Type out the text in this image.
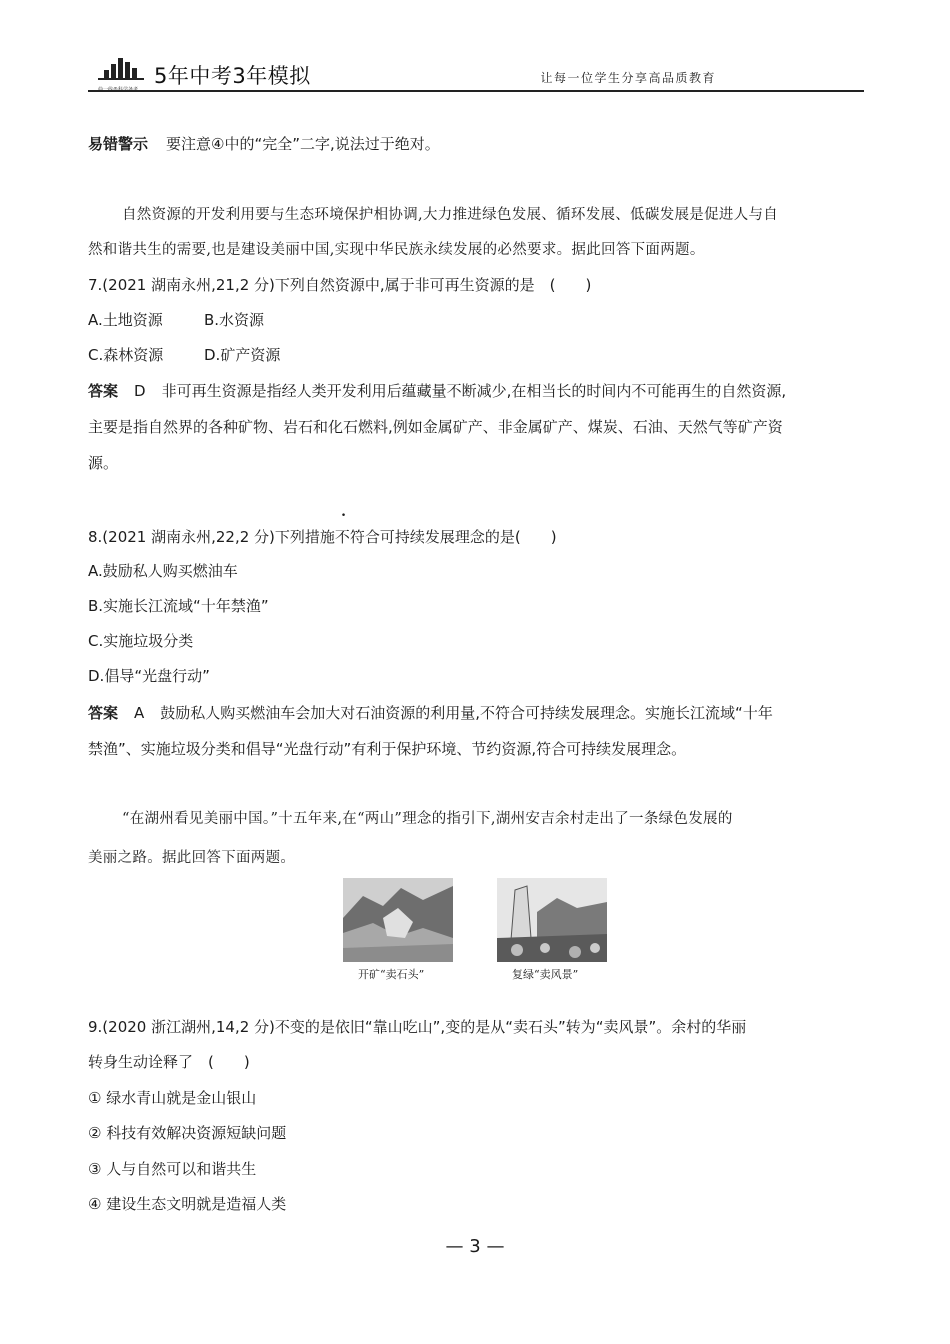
5年中考3年模拟	让每一位学生分享高品质教育
易错警示 要注意④中的“完全”二字,说法过于绝对。
自然资源的开发利用要与生态环境保护相协调,大力推进绿色发展、循环发展、低碳发展是促进人与自
然和谐共生的需要,也是建设美丽中国,实现中华民族永续发展的必然要求。据此回答下面两题。
7.(2021 湖南永州,21,2 分)下列自然资源中,属于非可再生资源的是　(　　)
A.土地资源	B.水资源
C.森林资源	D.矿产资源
答案 D 非可再生资源是指经人类开发利用后蕴藏量不断减少,在相当长的时间内不可能再生的自然资源,
主要是指自然界的各种矿物、岩石和化石燃料,例如金属矿产、非金属矿产、煤炭、石油、天然气等矿产资
源。
8.(2021 湖南永州,22,2 分)下列措施不符合可持续发展理念的是(　　)
A.鼓励私人购买燃油车
B.实施长江流域“十年禁渔”
C.实施垃圾分类
D.倡导“光盘行动”
答案 A 鼓励私人购买燃油车会加大对石油资源的利用量,不符合可持续发展理念。实施长江流域“十年
禁渔”、实施垃圾分类和倡导“光盘行动”有利于保护环境、节约资源,符合可持续发展理念。
“在湖州看见美丽中国。”十五年来,在“两山”理念的指引下,湖州安吉余村走出了一条绿色发展的
美丽之路。据此回答下面两题。
开矿“卖石头”	复绿“卖风景”
9.(2020 浙江湖州,14,2 分)不变的是依旧“靠山吃山”,变的是从“卖石头”转为“卖风景”。余村的华丽
转身生动诠释了　(　　)
① 绿水青山就是金山银山
② 科技有效解决资源短缺问题
③ 人与自然可以和谐共生
④ 建设生态文明就是造福人类
— 3 —
